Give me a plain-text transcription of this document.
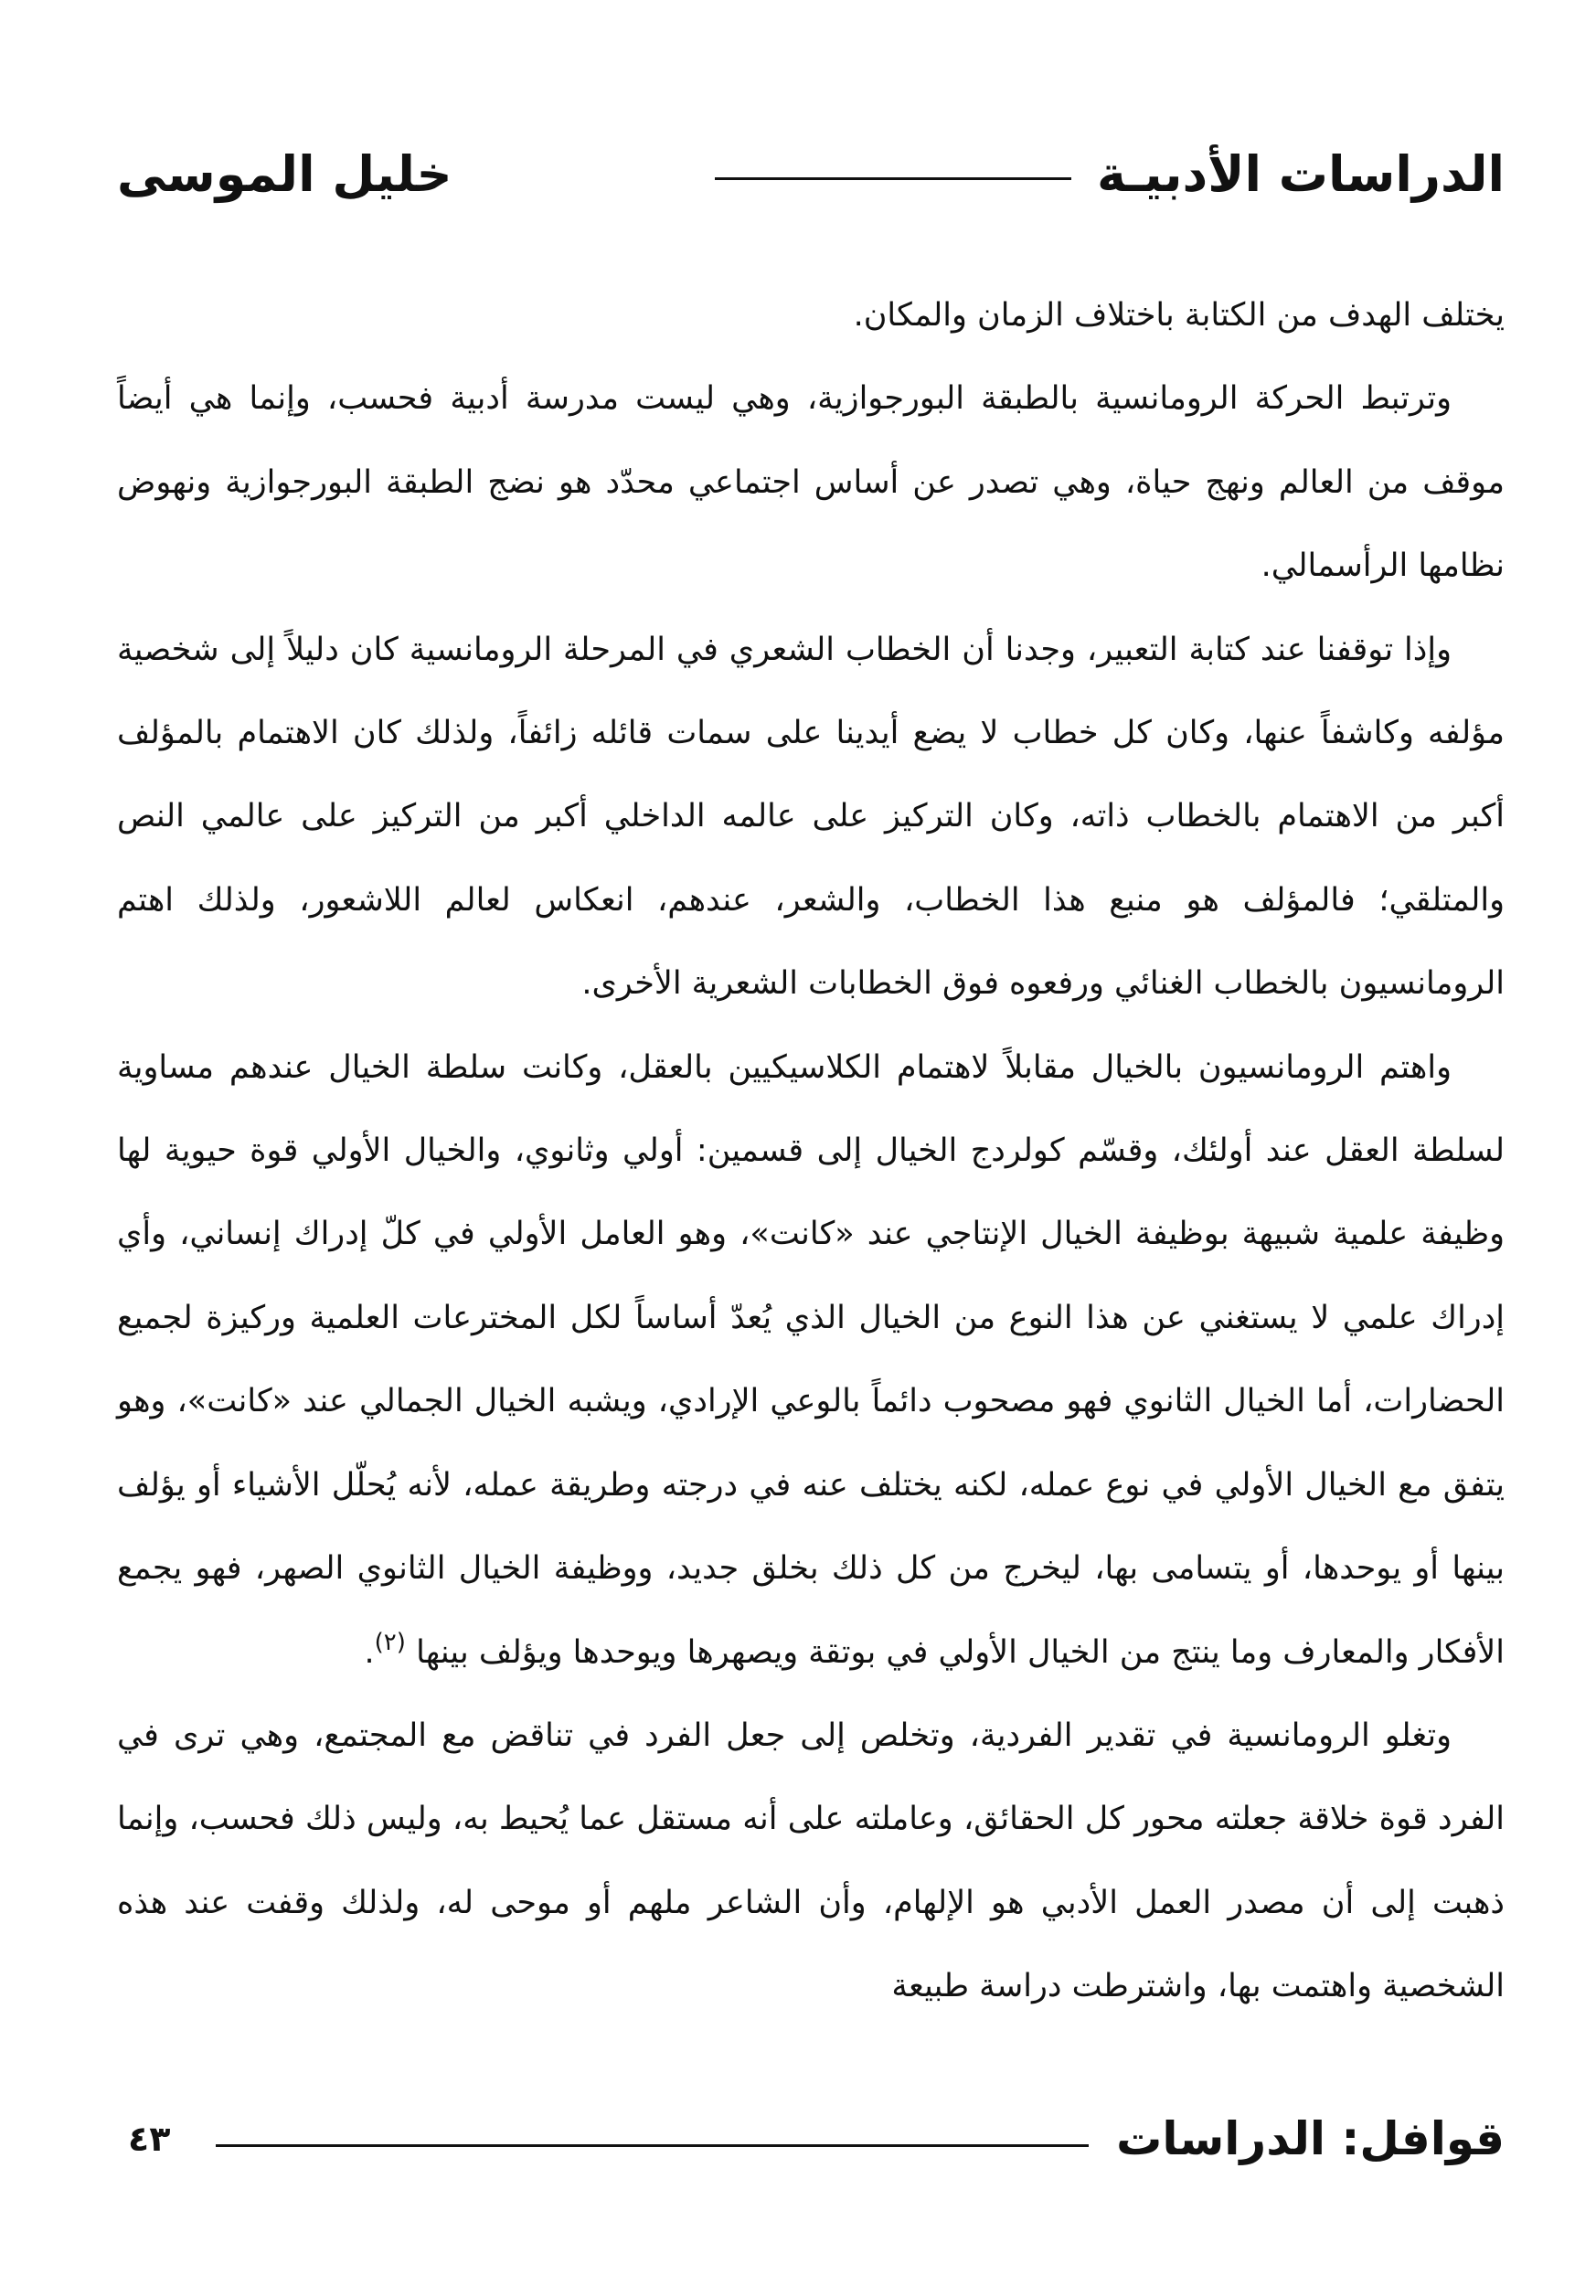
الدراسات الأدبيـة
خليل الموسى

يختلف الهدف من الكتابة باختلاف الزمان والمكان.

وترتبط الحركة الرومانسية بالطبقة البورجوازية، وهي ليست مدرسة أدبية فحسب، وإنما هي أيضاً موقف من العالم ونهج حياة، وهي تصدر عن أساس اجتماعي محدّد هو نضج الطبقة البورجوازية ونهوض نظامها الرأسمالي.

وإذا توقفنا عند كتابة التعبير، وجدنا أن الخطاب الشعري في المرحلة الرومانسية كان دليلاً إلى شخصية مؤلفه وكاشفاً عنها، وكان كل خطاب لا يضع أيدينا على سمات قائله زائفاً، ولذلك كان الاهتمام بالمؤلف أكبر من الاهتمام بالخطاب ذاته، وكان التركيز على عالمه الداخلي أكبر من التركيز على عالمي النص والمتلقي؛ فالمؤلف هو منبع هذا الخطاب، والشعر، عندهم، انعكاس لعالم اللاشعور، ولذلك اهتم الرومانسيون بالخطاب الغنائي ورفعوه فوق الخطابات الشعرية الأخرى.

واهتم الرومانسيون بالخيال مقابلاً لاهتمام الكلاسيكيين بالعقل، وكانت سلطة الخيال عندهم مساوية لسلطة العقل عند أولئك، وقسّم كولردج الخيال إلى قسمين: أولي وثانوي، والخيال الأولي قوة حيوية لها وظيفة علمية شبيهة بوظيفة الخيال الإنتاجي عند «كانت»، وهو العامل الأولي في كلّ إدراك إنساني، وأي إدراك علمي لا يستغني عن هذا النوع من الخيال الذي يُعدّ أساساً لكل المخترعات العلمية وركيزة لجميع الحضارات، أما الخيال الثانوي فهو مصحوب دائماً بالوعي الإرادي، ويشبه الخيال الجمالي عند «كانت»، وهو يتفق مع الخيال الأولي في نوع عمله، لكنه يختلف عنه في درجته وطريقة عمله، لأنه يُحلّل الأشياء أو يؤلف بينها أو يوحدها، أو يتسامى بها، ليخرج من كل ذلك بخلق جديد، ووظيفة الخيال الثانوي الصهر، فهو يجمع الأفكار والمعارف وما ينتج من الخيال الأولي في بوتقة ويصهرها ويوحدها ويؤلف بينها $^{(٢)}$.

وتغلو الرومانسية في تقدير الفردية، وتخلص إلى جعل الفرد في تناقض مع المجتمع، وهي ترى في الفرد قوة خلاقة جعلته محور كل الحقائق، وعاملته على أنه مستقل عما يُحيط به، وليس ذلك فحسب، وإنما ذهبت إلى أن مصدر العمل الأدبي هو الإلهام، وأن الشاعر ملهم أو موحى له، ولذلك وقفت عند هذه الشخصية واهتمت بها، واشترطت دراسة طبيعة

قوافل: الدراسات
٤٣
